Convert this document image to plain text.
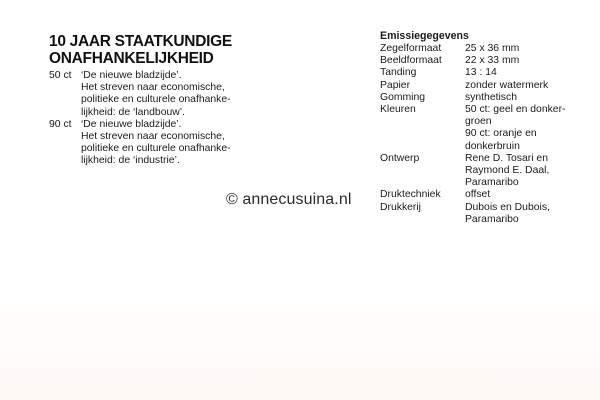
10 JAAR STAATKUNDIGE
ONAFHANKELIJKHEID
50 ct ‘De nieuwe bladzijde’.
Het streven naar economische,
politieke en culturele onafhanke-
lijkheid: de ‘landbouw’.
90 ct ‘De nieuwe bladzijde’.
Het streven naar economische,
politieke en culturele onafhanke-
lijkheid: de ‘industrie’.
Emissiegegevens
Zegelformaat	25 x 36 mm
Beeldformaat	22 x 33 mm
Tanding	13 : 14
Papier	zonder watermerk
Gomming	synthetisch
Kleuren	50 ct: geel en donker-
groen
90 ct: oranje en
donkerbruin
Ontwerp	Rene D. Tosari en
Raymond E. Daal,
Paramaribo
Druktechniek	offset
Drukkerij	Dubois en Dubois,
Paramaribo
© annecusuina.nl
